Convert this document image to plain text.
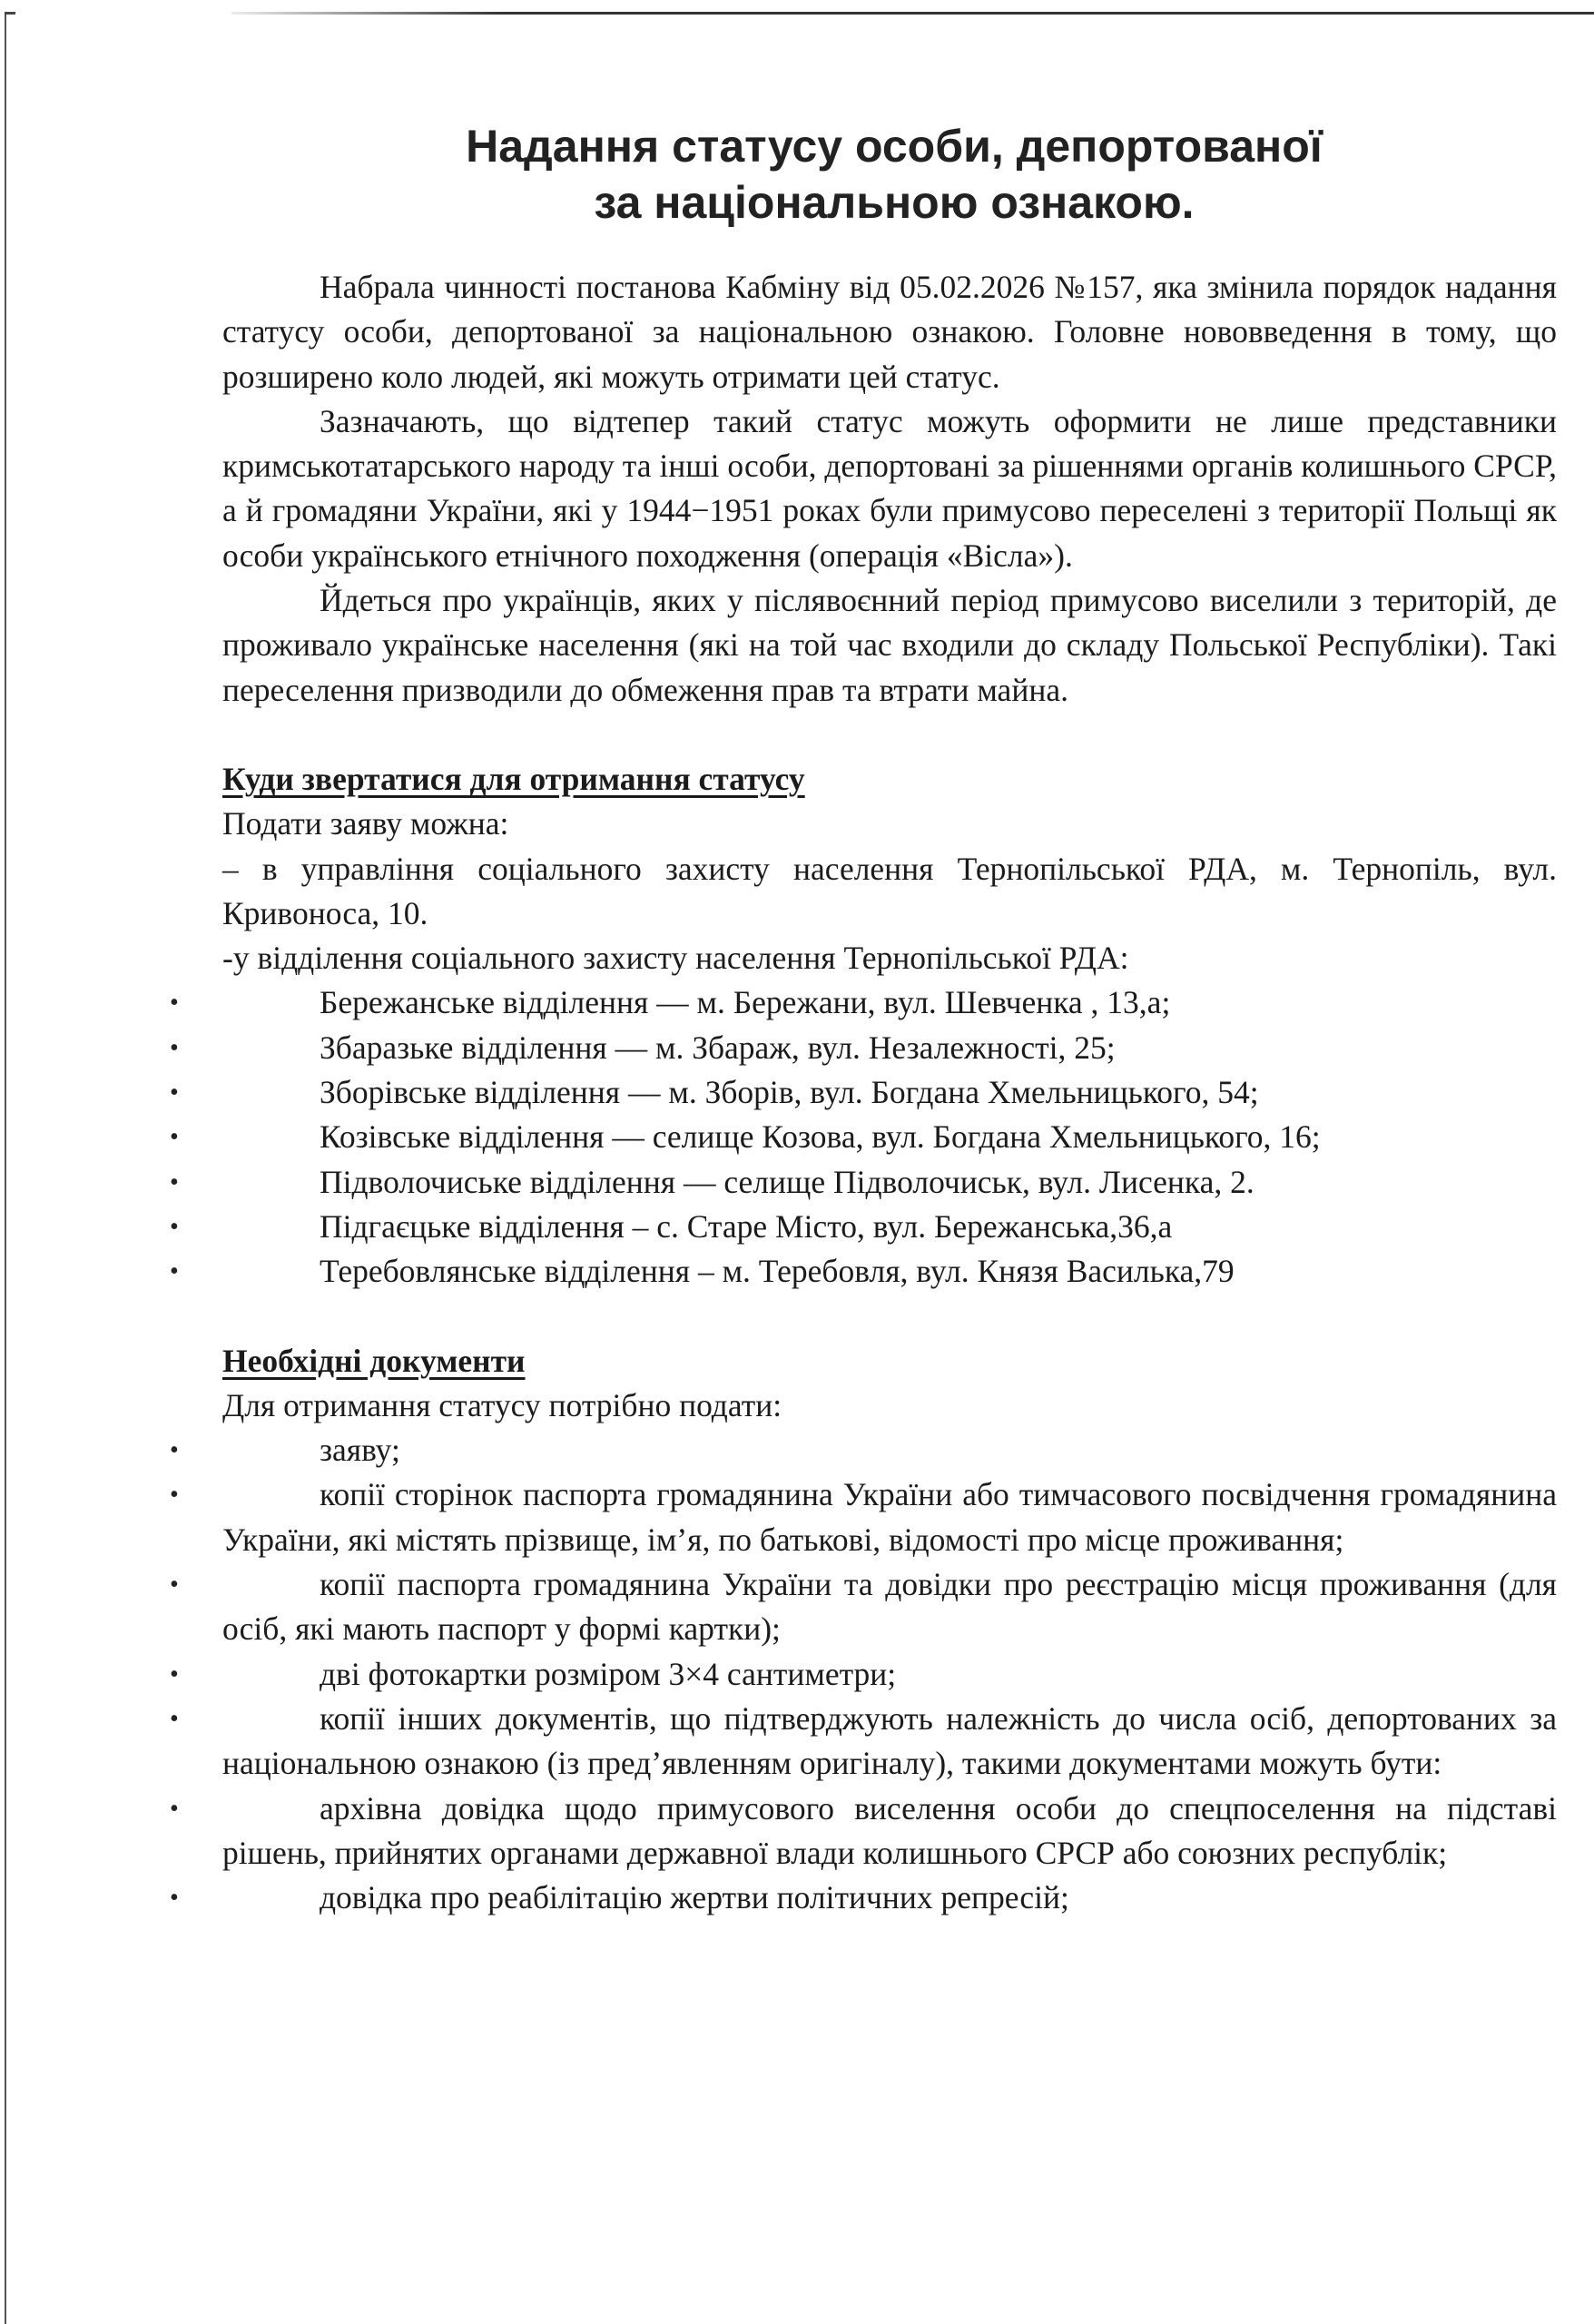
Надання статусу особи, депортованої
за національною ознакою.

Набрала чинності постанова Кабміну від 05.02.2026 №157, яка змінила порядок надання статусу особи, депортованої за національною ознакою. Головне нововведення в тому, що розширено коло людей, які можуть отримати цей статус.

Зазначають, що відтепер такий статус можуть оформити не лише представники кримськотатарського народу та інші особи, депортовані за рішеннями органів колишнього СРСР, а й громадяни України, які у 1944−1951 роках були примусово переселені з території Польщі як особи українського етнічного походження (операція «Вісла»).

Йдеться про українців, яких у післявоєнний період примусово виселили з територій, де проживало українське населення (які на той час входили до складу Польської Республіки). Такі переселення призводили до обмеження прав та втрати майна.

Куди звертатися для отримання статусу

Подати заяву можна:

– в управління соціального захисту населення Тернопільської РДА, м. Тернопіль, вул. Кривоноса, 10.

-у відділення соціального захисту населення Тернопільської РДА:

•	Бережанське відділення — м. Бережани, вул. Шевченка , 13,а;
•	Збаразьке відділення — м. Збараж, вул. Незалежності, 25;
•	Зборівське відділення — м. Зборів, вул. Богдана Хмельницького, 54;
•	Козівське відділення — селище Козова, вул. Богдана Хмельницького, 16;
•	Підволочиське відділення — селище Підволочиськ, вул. Лисенка, 2.
•	Підгаєцьке відділення – с. Старе Місто, вул. Бережанська,36,а
•	Теребовлянське відділення – м. Теребовля, вул. Князя Василька,79
Необхідні документи

Для отримання статусу потрібно подати:

•	заяву;
•	копії сторінок паспорта громадянина України або тимчасового посвідчення громадянина України, які містять прізвище, ім’я, по батькові, відомості про місце проживання;
•	копії паспорта громадянина України та довідки про реєстрацію місця проживання (для осіб, які мають паспорт у формі картки);
•	дві фотокартки розміром 3×4 сантиметри;
•	копії інших документів, що підтверджують належність до числа осіб, депортованих за національною ознакою (із пред’явленням оригіналу), такими документами можуть бути:
•	архівна довідка щодо примусового виселення особи до спецпоселення на підставі рішень, прийнятих органами державної влади колишнього СРСР або союзних республік;
•	довідка про реабілітацію жертви політичних репресій;
